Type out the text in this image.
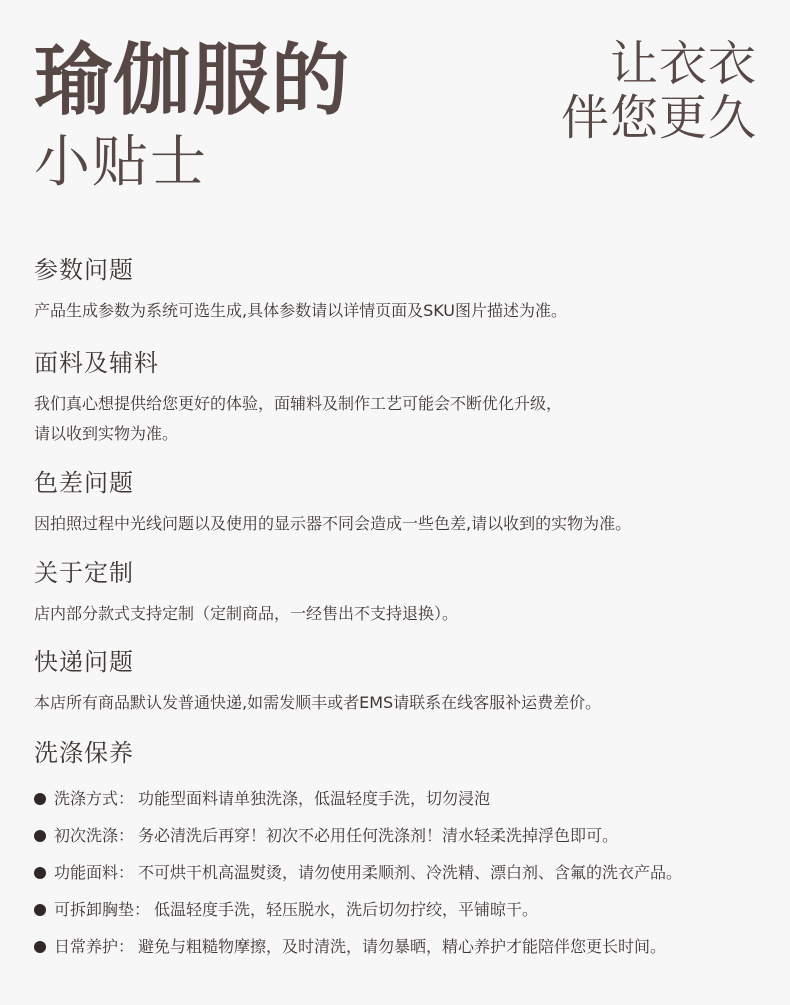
瑜伽服的
小贴士
让衣衣
伴您更久
参数问题

产品生成参数为系统可选生成,具体参数请以详情页面及SKU图片描述为准。

面料及辅料

我们真心想提供给您更好的体验，面辅料及制作工艺可能会不断优化升级，
请以收到实物为准。

色差问题

因拍照过程中光线问题以及使用的显示器不同会造成一些色差,请以收到的实物为准。

关于定制

店内部分款式支持定制（定制商品，一经售出不支持退换）。

快递问题

本店所有商品默认发普通快递,如需发顺丰或者EMS请联系在线客服补运费差价。

洗涤保养
洗涤方式： 功能型面料请单独洗涤，低温轻度手洗，切勿浸泡
初次洗涤： 务必清洗后再穿！初次不必用任何洗涤剂！清水轻柔洗掉浮色即可。
功能面料： 不可烘干机高温熨烫，请勿使用柔顺剂、冷洗精、漂白剂、含氟的洗衣产品。
可拆卸胸垫： 低温轻度手洗，轻压脱水，洗后切勿拧绞，平铺晾干。
日常养护： 避免与粗糙物摩擦，及时清洗，请勿暴晒，精心养护才能陪伴您更长时间。
